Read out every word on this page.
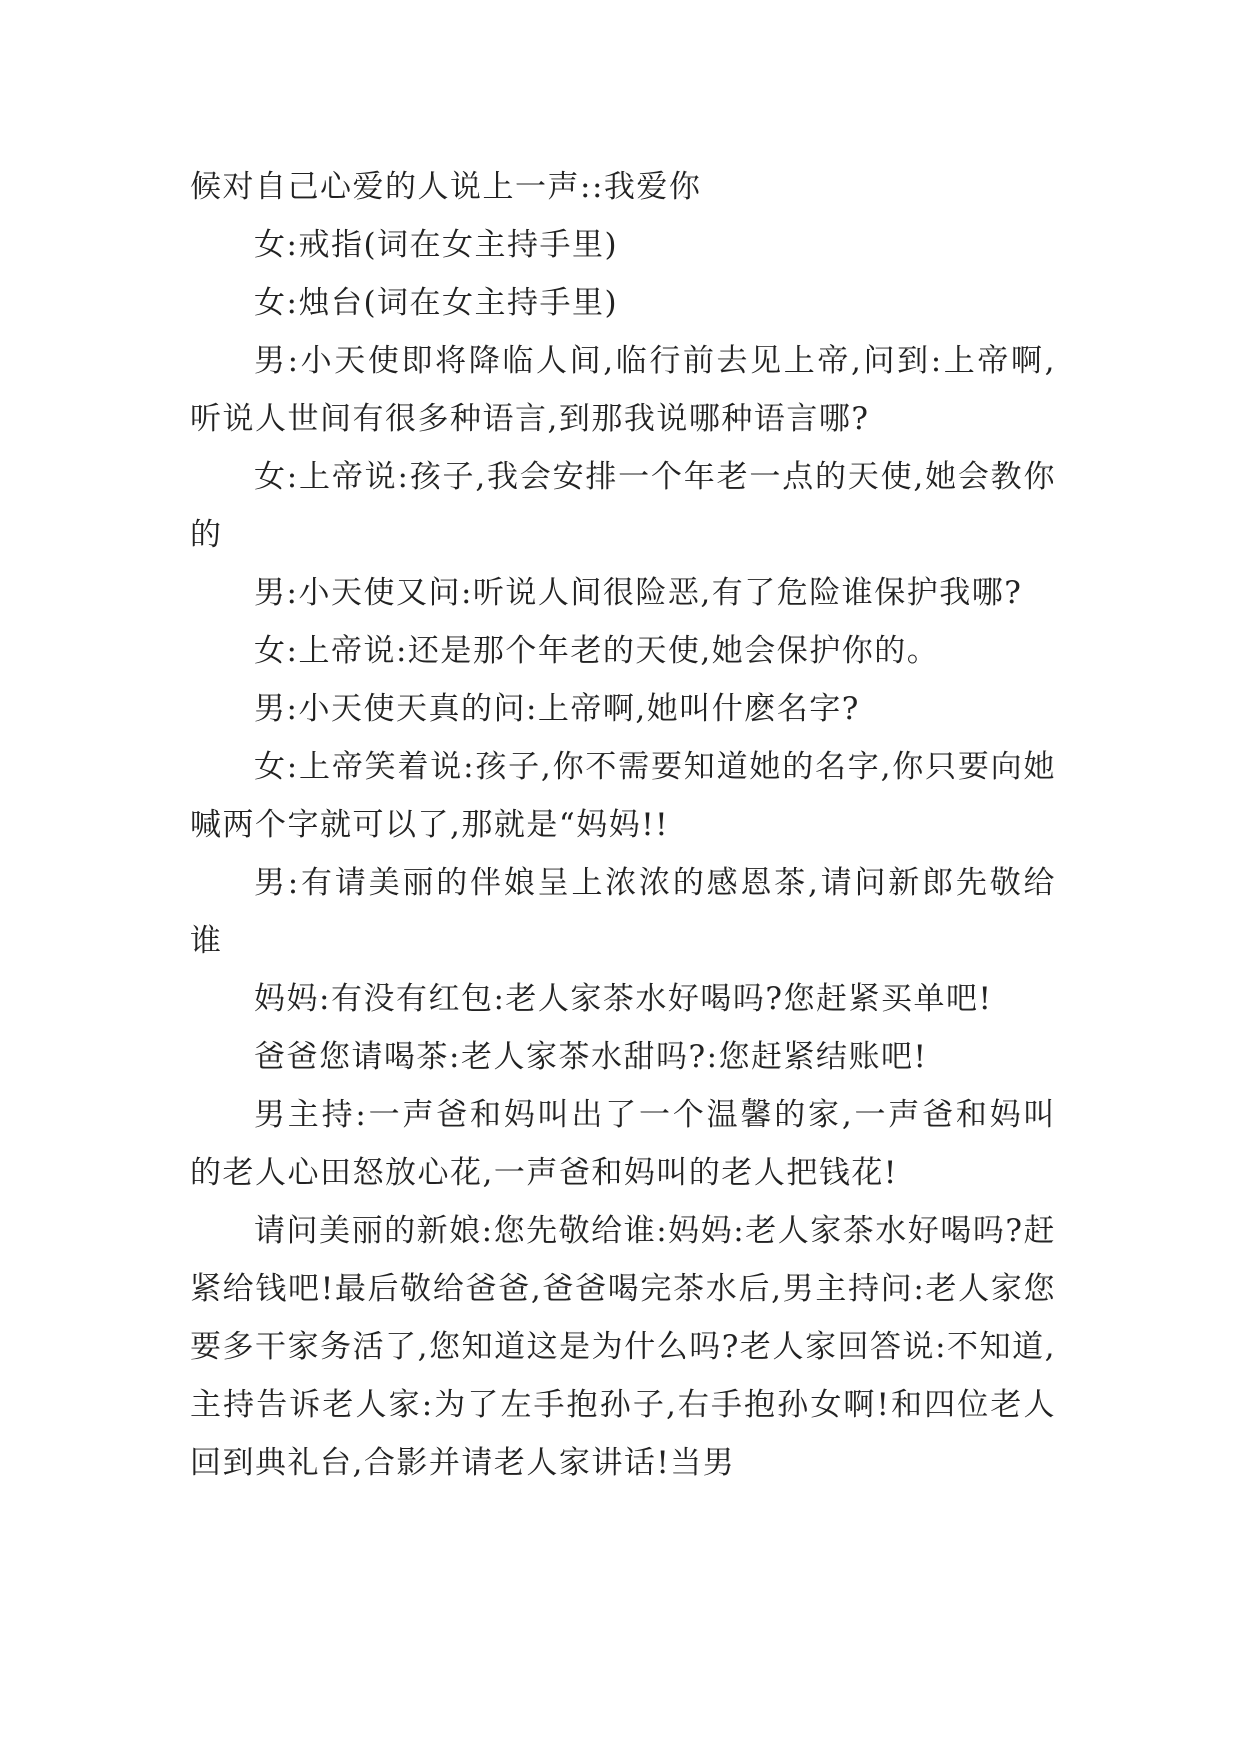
候对自己心爱的人说上一声::我爱你

女:戒指(词在女主持手里)

女:烛台(词在女主持手里)

男:小天使即将降临人间,临行前去见上帝,问到:上帝啊,听说人世间有很多种语言,到那我说哪种语言哪?

女:上帝说:孩子,我会安排一个年老一点的天使,她会教你的

男:小天使又问:听说人间很险恶,有了危险谁保护我哪?

女:上帝说:还是那个年老的天使,她会保护你的。

男:小天使天真的问:上帝啊,她叫什麽名字?

女:上帝笑着说:孩子,你不需要知道她的名字,你只要向她喊两个字就可以了,那就是“妈妈!!

男:有请美丽的伴娘呈上浓浓的感恩茶,请问新郎先敬给谁

妈妈:有没有红包:老人家茶水好喝吗?您赶紧买单吧!

爸爸您请喝茶:老人家茶水甜吗?:您赶紧结账吧!

男主持:一声爸和妈叫出了一个温馨的家,一声爸和妈叫的老人心田怒放心花,一声爸和妈叫的老人把钱花!

请问美丽的新娘:您先敬给谁:妈妈:老人家茶水好喝吗?赶紧给钱吧!最后敬给爸爸,爸爸喝完茶水后,男主持问:老人家您要多干家务活了,您知道这是为什么吗?老人家回答说:不知道,主持告诉老人家:为了左手抱孙子,右手抱孙女啊!和四位老人回到典礼台,合影并请老人家讲话!当男
